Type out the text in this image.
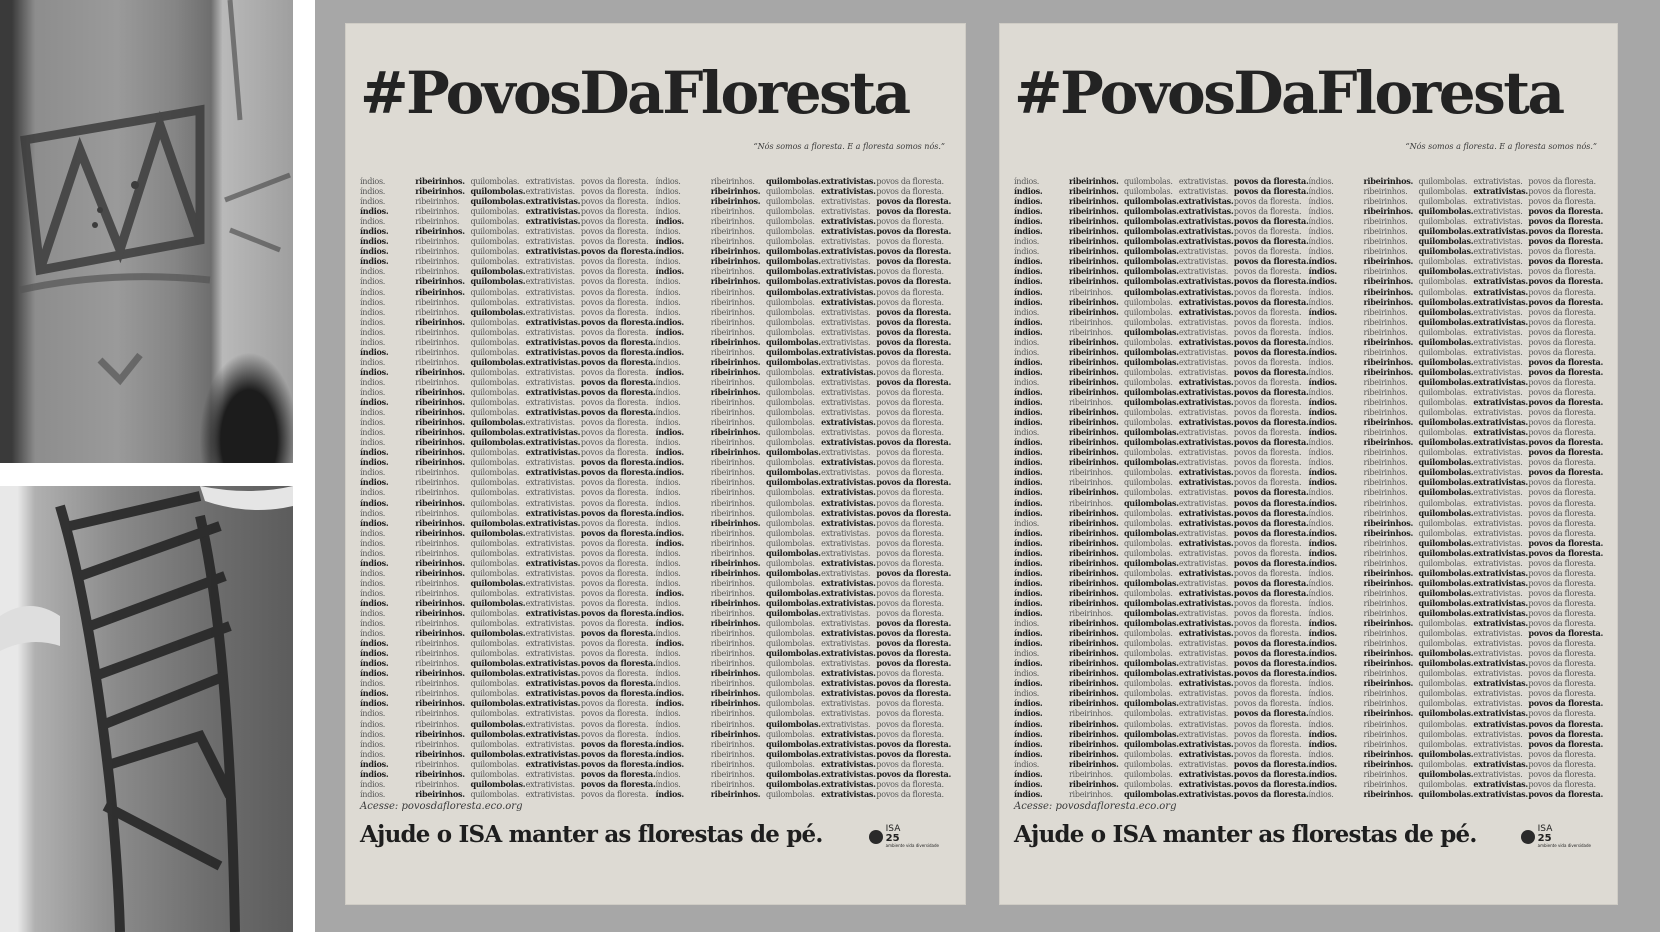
#PovosDaFloresta
“Nós somos a floresta. E a floresta somos nós.”
índios.	ribeirinhos. quilombolas. extrativistas. povos da floresta. índios.	ribeirinhos.	quilombolas. extrativistas. povos da floresta.
índios.	ribeirinhos. quilombolas. extrativistas. povos da floresta. índios.	ribeirinhos. quilombolas. extrativistas. povos da floresta.
índios.	ribeirinhos.	quilombolas. extrativistas. povos da floresta. índios.	ribeirinhos. quilombolas. extrativistas. povos da floresta.
índios.	ribeirinhos.	quilombolas. extrativistas. povos da floresta. índios.	ribeirinhos.	quilombolas. extrativistas. povos da floresta.
índios.	ribeirinhos.	quilombolas. extrativistas. povos da floresta. índios.	ribeirinhos.	quilombolas. extrativistas. povos da floresta.
índios.	ribeirinhos. quilombolas. extrativistas. povos da floresta. índios.	ribeirinhos.	quilombolas. extrativistas. povos da floresta.
índios.	ribeirinhos.	quilombolas. extrativistas. povos da floresta. índios.	ribeirinhos.	quilombolas. extrativistas. povos da floresta.
índios.	ribeirinhos.	quilombolas. extrativistas. povos da floresta. índios.	ribeirinhos. quilombolas. extrativistas. povos da floresta.
índios.	ribeirinhos.	quilombolas. extrativistas. povos da floresta. índios.	ribeirinhos. quilombolas. extrativistas. povos da floresta.
índios.	ribeirinhos.	quilombolas. extrativistas. povos da floresta. índios.	ribeirinhos.	quilombolas. extrativistas. povos da floresta.
índios.	ribeirinhos. quilombolas. extrativistas. povos da floresta. índios.	ribeirinhos. quilombolas. extrativistas. povos da floresta.
índios.	ribeirinhos. quilombolas. extrativistas. povos da floresta. índios.	ribeirinhos.	quilombolas. extrativistas. povos da floresta.
índios.	ribeirinhos.	quilombolas. extrativistas. povos da floresta. índios.	ribeirinhos.	quilombolas. extrativistas. povos da floresta.
índios.	ribeirinhos.	quilombolas. extrativistas. povos da floresta. índios.	ribeirinhos.	quilombolas. extrativistas. povos da floresta.
índios.	ribeirinhos. quilombolas. extrativistas. povos da floresta. índios.	ribeirinhos.	quilombolas. extrativistas. povos da floresta.
índios.	ribeirinhos.	quilombolas. extrativistas. povos da floresta. índios.	ribeirinhos.	quilombolas. extrativistas. povos da floresta.
índios.	ribeirinhos.	quilombolas. extrativistas. povos da floresta. índios.	ribeirinhos. quilombolas. extrativistas. povos da floresta.
índios.	ribeirinhos.	quilombolas. extrativistas. povos da floresta. índios.	ribeirinhos.	quilombolas. extrativistas. povos da floresta.
índios.	ribeirinhos.	quilombolas. extrativistas. povos da floresta. índios.	ribeirinhos. quilombolas. extrativistas. povos da floresta.
índios.	ribeirinhos. quilombolas. extrativistas. povos da floresta. índios.	ribeirinhos. quilombolas. extrativistas. povos da floresta.
índios.	ribeirinhos.	quilombolas. extrativistas. povos da floresta. índios.	ribeirinhos.	quilombolas. extrativistas. povos da floresta.
índios.	ribeirinhos. quilombolas. extrativistas. povos da floresta. índios.	ribeirinhos. quilombolas. extrativistas. povos da floresta.
índios.	ribeirinhos. quilombolas. extrativistas. povos da floresta. índios.	ribeirinhos.	quilombolas. extrativistas. povos da floresta.
índios.	ribeirinhos. quilombolas. extrativistas. povos da floresta. índios.	ribeirinhos.	quilombolas. extrativistas. povos da floresta.
índios.	ribeirinhos. quilombolas. extrativistas. povos da floresta. índios.	ribeirinhos.	quilombolas. extrativistas. povos da floresta.
índios.	ribeirinhos. quilombolas. extrativistas. povos da floresta. índios.	ribeirinhos. quilombolas. extrativistas. povos da floresta.
índios.	ribeirinhos. quilombolas. extrativistas. povos da floresta. índios.	ribeirinhos.	quilombolas. extrativistas. povos da floresta.
índios.	ribeirinhos. quilombolas. extrativistas. povos da floresta. índios.	ribeirinhos. quilombolas. extrativistas. povos da floresta.
índios.	ribeirinhos. quilombolas. extrativistas. povos da floresta. índios.	ribeirinhos.	quilombolas. extrativistas. povos da floresta.
índios.	ribeirinhos.	quilombolas. extrativistas. povos da floresta. índios.	ribeirinhos.	quilombolas. extrativistas. povos da floresta.
índios.	ribeirinhos.	quilombolas. extrativistas. povos da floresta. índios.	ribeirinhos.	quilombolas. extrativistas. povos da floresta.
índios.	ribeirinhos.	quilombolas. extrativistas. povos da floresta. índios.	ribeirinhos.	quilombolas. extrativistas. povos da floresta.
índios.	ribeirinhos. quilombolas. extrativistas. povos da floresta. índios.	ribeirinhos.	quilombolas. extrativistas. povos da floresta.
índios.	ribeirinhos.	quilombolas. extrativistas. povos da floresta. índios.	ribeirinhos.	quilombolas. extrativistas. povos da floresta.
índios.	ribeirinhos. quilombolas. extrativistas. povos da floresta. índios.	ribeirinhos. quilombolas. extrativistas. povos da floresta.
índios.	ribeirinhos. quilombolas. extrativistas. povos da floresta. índios.	ribeirinhos.	quilombolas. extrativistas. povos da floresta.
índios.	ribeirinhos.	quilombolas. extrativistas. povos da floresta. índios.	ribeirinhos.	quilombolas. extrativistas. povos da floresta.
índios.	ribeirinhos.	quilombolas. extrativistas. povos da floresta. índios.	ribeirinhos.	quilombolas. extrativistas. povos da floresta.
índios.	ribeirinhos. quilombolas. extrativistas. povos da floresta. índios.	ribeirinhos. quilombolas. extrativistas. povos da floresta.
índios.	ribeirinhos. quilombolas. extrativistas. povos da floresta. índios.	ribeirinhos. quilombolas. extrativistas. povos da floresta.
índios.	ribeirinhos.	quilombolas. extrativistas. povos da floresta. índios.	ribeirinhos.	quilombolas. extrativistas. povos da floresta.
índios.	ribeirinhos.	quilombolas. extrativistas. povos da floresta. índios.	ribeirinhos.	quilombolas. extrativistas. povos da floresta.
índios.	ribeirinhos. quilombolas. extrativistas. povos da floresta. índios.	ribeirinhos. quilombolas. extrativistas. povos da floresta.
índios.	ribeirinhos. quilombolas. extrativistas. povos da floresta. índios.	ribeirinhos.	quilombolas. extrativistas. povos da floresta.
índios.	ribeirinhos.	quilombolas. extrativistas. povos da floresta. índios.	ribeirinhos. quilombolas. extrativistas. povos da floresta.
índios.	ribeirinhos. quilombolas. extrativistas. povos da floresta. índios.	ribeirinhos.	quilombolas. extrativistas. povos da floresta.
índios.	ribeirinhos.	quilombolas. extrativistas. povos da floresta. índios.	ribeirinhos.	quilombolas. extrativistas. povos da floresta.
índios.	ribeirinhos.	quilombolas. extrativistas. povos da floresta. índios.	ribeirinhos.	quilombolas. extrativistas. povos da floresta.
índios.	ribeirinhos.	quilombolas. extrativistas. povos da floresta. índios.	ribeirinhos.	quilombolas. extrativistas. povos da floresta.
índios.	ribeirinhos. quilombolas. extrativistas. povos da floresta. índios.	ribeirinhos. quilombolas. extrativistas. povos da floresta.
índios.	ribeirinhos.	quilombolas. extrativistas. povos da floresta. índios.	ribeirinhos.	quilombolas. extrativistas. povos da floresta.
índios.	ribeirinhos.	quilombolas. extrativistas. povos da floresta. índios.	ribeirinhos. quilombolas. extrativistas. povos da floresta.
índios.	ribeirinhos. quilombolas. extrativistas. povos da floresta. índios.	ribeirinhos. quilombolas. extrativistas. povos da floresta.
índios.	ribeirinhos.	quilombolas. extrativistas. povos da floresta. índios.	ribeirinhos.	quilombolas. extrativistas. povos da floresta.
índios.	ribeirinhos.	quilombolas. extrativistas. povos da floresta. índios.	ribeirinhos.	quilombolas. extrativistas. povos da floresta.
índios.	ribeirinhos. quilombolas. extrativistas. povos da floresta. índios.	ribeirinhos. quilombolas. extrativistas. povos da floresta.
índios.	ribeirinhos.	quilombolas. extrativistas. povos da floresta. índios.	ribeirinhos.	quilombolas. extrativistas. povos da floresta.
índios.	ribeirinhos. quilombolas. extrativistas. povos da floresta. índios.	ribeirinhos.	quilombolas. extrativistas. povos da floresta.
índios.	ribeirinhos.	quilombolas. extrativistas. povos da floresta. índios.	ribeirinhos.	quilombolas. extrativistas. povos da floresta.
índios.	ribeirinhos. quilombolas. extrativistas. povos da floresta. índios.	ribeirinhos.	quilombolas. extrativistas. povos da floresta.
índios.	ribeirinhos.	quilombolas. extrativistas. povos da floresta. índios.	ribeirinhos.	quilombolas. extrativistas. povos da floresta.
índios.	ribeirinhos. quilombolas. extrativistas. povos da floresta. índios.	ribeirinhos. quilombolas. extrativistas. povos da floresta.
Acesse: povosdafloresta.eco.org
Ajude o ISA manter as florestas de pé.	ISA
25
ambiente vida diversidade
#PovosDaFloresta
“Nós somos a floresta. E a floresta somos nós.”
índios.	ribeirinhos. quilombolas. extrativistas. povos da floresta. índios.	ribeirinhos. quilombolas. extrativistas. povos da floresta.
índios.	ribeirinhos. quilombolas. extrativistas. povos da floresta. índios.	ribeirinhos.	quilombolas. extrativistas. povos da floresta.
índios.	ribeirinhos. quilombolas. extrativistas. povos da floresta. índios.	ribeirinhos.	quilombolas. extrativistas. povos da floresta.
índios.	ribeirinhos. quilombolas. extrativistas. povos da floresta. índios.	ribeirinhos. quilombolas. extrativistas. povos da floresta.
índios.	ribeirinhos. quilombolas. extrativistas. povos da floresta. índios.	ribeirinhos.	quilombolas. extrativistas. povos da floresta.
índios.	ribeirinhos. quilombolas. extrativistas. povos da floresta. índios.	ribeirinhos.	quilombolas. extrativistas. povos da floresta.
índios.	ribeirinhos. quilombolas. extrativistas. povos da floresta. índios.	ribeirinhos.	quilombolas. extrativistas. povos da floresta.
índios.	ribeirinhos. quilombolas. extrativistas. povos da floresta. índios.	ribeirinhos.	quilombolas. extrativistas. povos da floresta.
índios.	ribeirinhos. quilombolas. extrativistas. povos da floresta. índios.	ribeirinhos. quilombolas. extrativistas. povos da floresta.
índios.	ribeirinhos. quilombolas. extrativistas. povos da floresta. índios.	ribeirinhos.	quilombolas. extrativistas. povos da floresta.
índios.	ribeirinhos. quilombolas. extrativistas. povos da floresta. índios.	ribeirinhos. quilombolas. extrativistas. povos da floresta.
índios.	ribeirinhos.	quilombolas. extrativistas. povos da floresta. índios.	ribeirinhos. quilombolas. extrativistas. povos da floresta.
índios.	ribeirinhos. quilombolas. extrativistas. povos da floresta. índios.	ribeirinhos. quilombolas. extrativistas. povos da floresta.
índios.	ribeirinhos. quilombolas. extrativistas. povos da floresta. índios.	ribeirinhos.	quilombolas. extrativistas. povos da floresta.
índios.	ribeirinhos.	quilombolas. extrativistas. povos da floresta. índios.	ribeirinhos.	quilombolas. extrativistas. povos da floresta.
índios.	ribeirinhos.	quilombolas. extrativistas. povos da floresta. índios.	ribeirinhos.	quilombolas. extrativistas. povos da floresta.
índios.	ribeirinhos. quilombolas. extrativistas. povos da floresta. índios.	ribeirinhos. quilombolas. extrativistas. povos da floresta.
índios.	ribeirinhos. quilombolas. extrativistas. povos da floresta. índios.	ribeirinhos.	quilombolas. extrativistas. povos da floresta.
índios.	ribeirinhos. quilombolas. extrativistas. povos da floresta. índios.	ribeirinhos. quilombolas. extrativistas. povos da floresta.
índios.	ribeirinhos. quilombolas. extrativistas. povos da floresta. índios.	ribeirinhos. quilombolas. extrativistas. povos da floresta.
índios.	ribeirinhos. quilombolas. extrativistas. povos da floresta. índios.	ribeirinhos.	quilombolas. extrativistas. povos da floresta.
índios.	ribeirinhos. quilombolas. extrativistas. povos da floresta. índios.	ribeirinhos.	quilombolas. extrativistas. povos da floresta.
índios.	ribeirinhos.	quilombolas. extrativistas. povos da floresta. índios.	ribeirinhos.	quilombolas. extrativistas. povos da floresta.
índios.	ribeirinhos. quilombolas. extrativistas. povos da floresta. índios.	ribeirinhos.	quilombolas. extrativistas. povos da floresta.
índios.	ribeirinhos. quilombolas. extrativistas. povos da floresta. índios.	ribeirinhos. quilombolas. extrativistas. povos da floresta.
índios.	ribeirinhos. quilombolas. extrativistas. povos da floresta. índios.	ribeirinhos.	quilombolas. extrativistas. povos da floresta.
índios.	ribeirinhos. quilombolas. extrativistas. povos da floresta. índios.	ribeirinhos. quilombolas. extrativistas. povos da floresta.
índios.	ribeirinhos. quilombolas. extrativistas. povos da floresta. índios.	ribeirinhos.	quilombolas. extrativistas. povos da floresta.
índios.	ribeirinhos. quilombolas. extrativistas. povos da floresta. índios.	ribeirinhos.	quilombolas. extrativistas. povos da floresta.
índios.	ribeirinhos.	quilombolas. extrativistas. povos da floresta. índios.	ribeirinhos.	quilombolas. extrativistas. povos da floresta.
índios.	ribeirinhos.	quilombolas. extrativistas. povos da floresta. índios.	ribeirinhos.	quilombolas. extrativistas. povos da floresta.
índios.	ribeirinhos. quilombolas. extrativistas. povos da floresta. índios.	ribeirinhos.	quilombolas. extrativistas. povos da floresta.
índios.	ribeirinhos.	quilombolas. extrativistas. povos da floresta. índios.	ribeirinhos.	quilombolas. extrativistas. povos da floresta.
índios.	ribeirinhos. quilombolas. extrativistas. povos da floresta. índios.	ribeirinhos.	quilombolas. extrativistas. povos da floresta.
índios.	ribeirinhos. quilombolas. extrativistas. povos da floresta. índios.	ribeirinhos. quilombolas. extrativistas. povos da floresta.
índios.	ribeirinhos. quilombolas. extrativistas. povos da floresta. índios.	ribeirinhos. quilombolas. extrativistas. povos da floresta.
índios.	ribeirinhos. quilombolas. extrativistas. povos da floresta. índios.	ribeirinhos.	quilombolas. extrativistas. povos da floresta.
índios.	ribeirinhos. quilombolas. extrativistas. povos da floresta. índios.	ribeirinhos.	quilombolas. extrativistas. povos da floresta.
índios.	ribeirinhos. quilombolas. extrativistas. povos da floresta. índios.	ribeirinhos.	quilombolas. extrativistas. povos da floresta.
índios.	ribeirinhos. quilombolas. extrativistas. povos da floresta. índios.	ribeirinhos. quilombolas. extrativistas. povos da floresta.
índios.	ribeirinhos. quilombolas. extrativistas. povos da floresta. índios.	ribeirinhos. quilombolas. extrativistas. povos da floresta.
índios.	ribeirinhos. quilombolas. extrativistas. povos da floresta. índios.	ribeirinhos.	quilombolas. extrativistas. povos da floresta.
índios.	ribeirinhos. quilombolas. extrativistas. povos da floresta. índios.	ribeirinhos.	quilombolas. extrativistas. povos da floresta.
índios.	ribeirinhos.	quilombolas. extrativistas. povos da floresta. índios.	ribeirinhos.	quilombolas. extrativistas. povos da floresta.
índios.	ribeirinhos. quilombolas. extrativistas. povos da floresta. índios.	ribeirinhos. quilombolas. extrativistas. povos da floresta.
índios.	ribeirinhos. quilombolas. extrativistas. povos da floresta. índios.	ribeirinhos.	quilombolas. extrativistas. povos da floresta.
índios.	ribeirinhos. quilombolas. extrativistas. povos da floresta. índios.	ribeirinhos.	quilombolas. extrativistas. povos da floresta.
índios.	ribeirinhos. quilombolas. extrativistas. povos da floresta. índios.	ribeirinhos. quilombolas. extrativistas. povos da floresta.
índios.	ribeirinhos. quilombolas. extrativistas. povos da floresta. índios.	ribeirinhos. quilombolas. extrativistas. povos da floresta.
índios.	ribeirinhos. quilombolas. extrativistas. povos da floresta. índios.	ribeirinhos.	quilombolas. extrativistas. povos da floresta.
índios.	ribeirinhos. quilombolas. extrativistas. povos da floresta. índios.	ribeirinhos. quilombolas. extrativistas. povos da floresta.
índios.	ribeirinhos. quilombolas. extrativistas. povos da floresta. índios.	ribeirinhos.	quilombolas. extrativistas. povos da floresta.
índios.	ribeirinhos. quilombolas. extrativistas. povos da floresta. índios.	ribeirinhos.	quilombolas. extrativistas. povos da floresta.
índios.	ribeirinhos.	quilombolas. extrativistas. povos da floresta. índios.	ribeirinhos. quilombolas. extrativistas. povos da floresta.
índios.	ribeirinhos. quilombolas. extrativistas. povos da floresta. índios.	ribeirinhos.	quilombolas. extrativistas. povos da floresta.
índios.	ribeirinhos. quilombolas. extrativistas. povos da floresta. índios.	ribeirinhos.	quilombolas. extrativistas. povos da floresta.
índios.	ribeirinhos. quilombolas. extrativistas. povos da floresta. índios.	ribeirinhos.	quilombolas. extrativistas. povos da floresta.
índios.	ribeirinhos. quilombolas. extrativistas. povos da floresta. índios.	ribeirinhos. quilombolas. extrativistas. povos da floresta.
índios.	ribeirinhos. quilombolas. extrativistas. povos da floresta. índios.	ribeirinhos. quilombolas. extrativistas. povos da floresta.
índios.	ribeirinhos.	quilombolas. extrativistas. povos da floresta. índios.	ribeirinhos.	quilombolas. extrativistas. povos da floresta.
índios.	ribeirinhos. quilombolas. extrativistas. povos da floresta. índios.	ribeirinhos.	quilombolas. extrativistas. povos da floresta.
índios.	ribeirinhos.	quilombolas. extrativistas. povos da floresta. índios.	ribeirinhos. quilombolas. extrativistas. povos da floresta.
Acesse: povosdafloresta.eco.org
Ajude o ISA manter as florestas de pé.	ISA
25
ambiente vida diversidade
